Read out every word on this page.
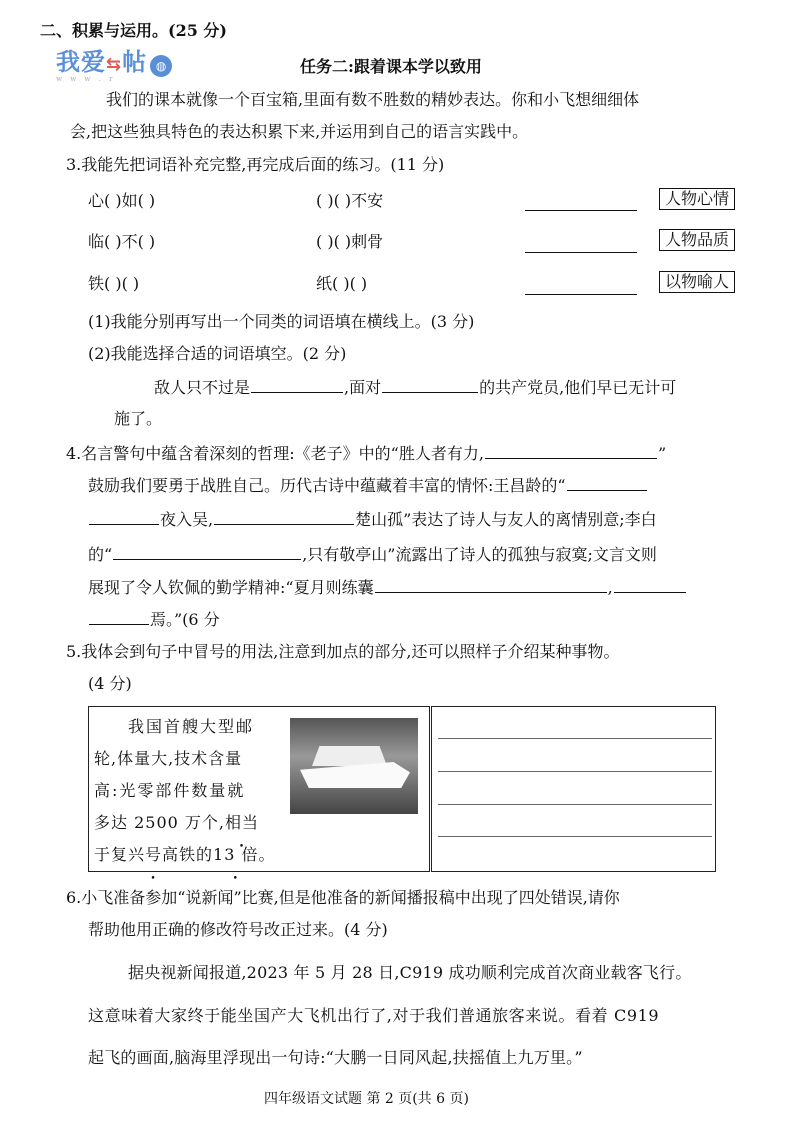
二、积累与运用。(25 分)
我爱⇆帖 ◍
w w w . r
任务二:跟着课本学以致用
我们的课本就像一个百宝箱,里面有数不胜数的精妙表达。你和小飞想细细体
会,把这些独具特色的表达积累下来,并运用到自己的语言实践中。
3.我能先把词语补充完整,再完成后面的练习。(11 分)
心( )如( )	( )( )不安	人物心情
临( )不( )	( )( )刺骨	人物品质
铁( )( )	纸( )( )	以物喻人
(1)我能分别再写出一个同类的词语填在横线上。(3 分)
(2)我能选择合适的词语填空。(2 分)
敌人只不过是	,面对	的共产党员,他们早已无计可
施了。
4.名言警句中蕴含着深刻的哲理:《老子》中的“胜人者有力,	”
鼓励我们要勇于战胜自己。历代古诗中蕴藏着丰富的情怀:王昌龄的“
夜入吴,	楚山孤”表达了诗人与友人的离情别意;李白
的“	,只有敬亭山”流露出了诗人的孤独与寂寞;文言文则
展现了令人钦佩的勤学精神:“夏月则练囊	,
焉。”(6 分
5.我体会到句子中冒号的用法,注意到加点的部分,还可以照样子介绍某种事物。
(4 分)
我国首艘大型邮
轮,体量大,技术含量
高:光零部件数量就
多达 2500 万个,相当
于复兴号高铁的 •13 倍 •。
6.小飞准备参加“说新闻”比赛,但是他准备的新闻播报稿中出现了四处错误,请你
帮助他用正确的修改符号改正过来。(4 分)
据央视新闻报道,2023 年 5 月 28 日,C919 成功顺利完成首次商业载客飞行。
这意味着大家终于能坐国产大飞机出行了,对于我们普通旅客来说。看着 C919
起飞的画面,脑海里浮现出一句诗:“大鹏一日同风起,扶摇值上九万里。”
四年级语文试题 第 2 页(共 6 页)
